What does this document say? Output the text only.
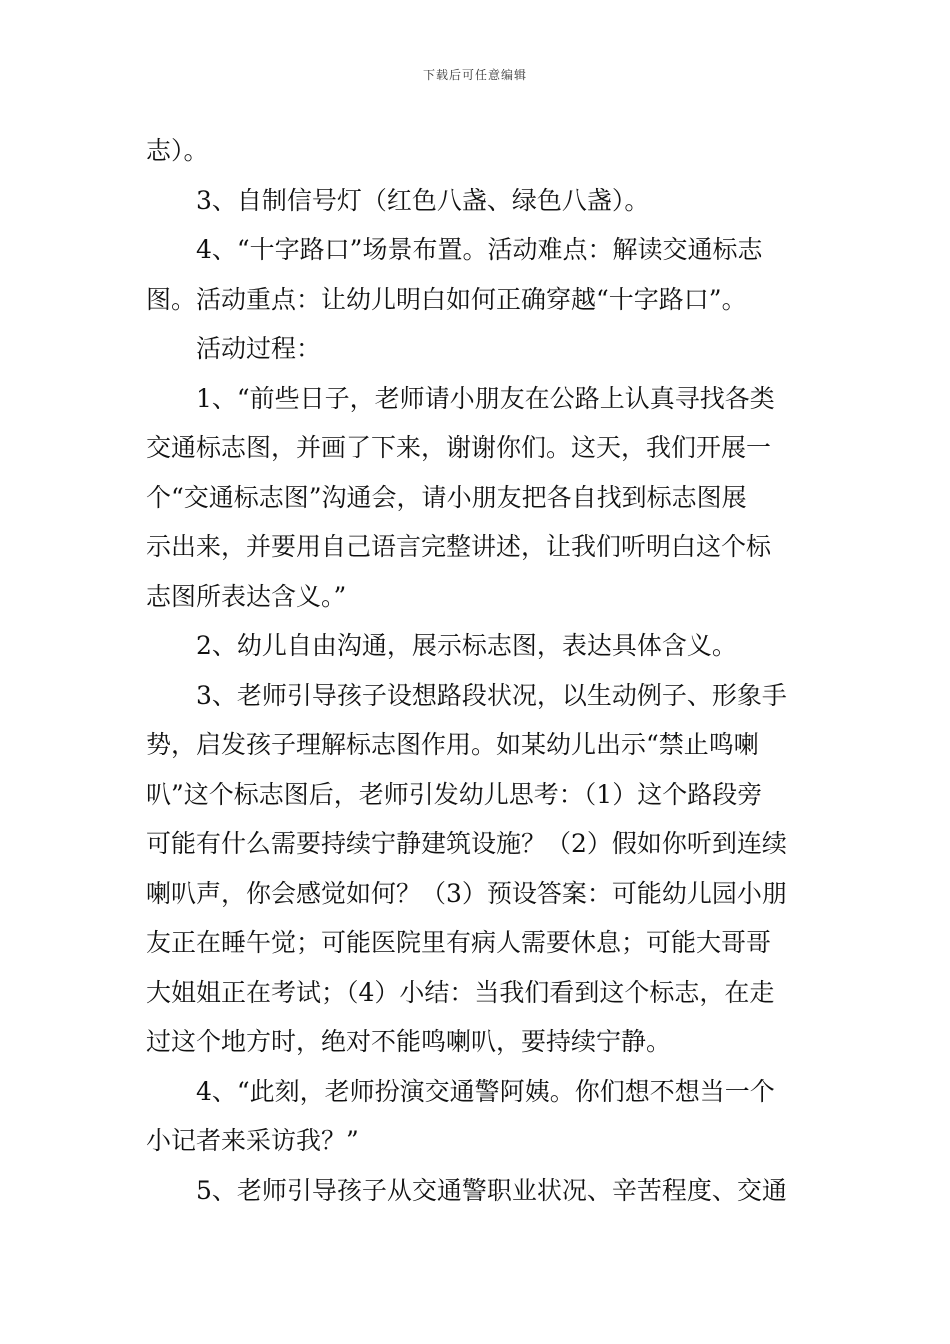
下载后可任意编辑
志）。
3、自制信号灯（红色八盏、绿色八盏）。
4、“十字路口”场景布置。活动难点：解读交通标志
图。活动重点：让幼儿明白如何正确穿越“十字路口”。
活动过程：
1、“前些日子，老师请小朋友在公路上认真寻找各类
交通标志图，并画了下来，谢谢你们。这天，我们开展一
个“交通标志图”沟通会，请小朋友把各自找到标志图展
示出来，并要用自己语言完整讲述，让我们听明白这个标
志图所表达含义。”
2、幼儿自由沟通，展示标志图，表达具体含义。
3、老师引导孩子设想路段状况，以生动例子、形象手
势，启发孩子理解标志图作用。如某幼儿出示“禁止鸣喇
叭”这个标志图后，老师引发幼儿思考：（1）这个路段旁
可能有什么需要持续宁静建筑设施？（2）假如你听到连续
喇叭声，你会感觉如何？（3）预设答案：可能幼儿园小朋
友正在睡午觉；可能医院里有病人需要休息；可能大哥哥
大姐姐正在考试；（4）小结：当我们看到这个标志，在走
过这个地方时，绝对不能鸣喇叭，要持续宁静。
4、“此刻，老师扮演交通警阿姨。你们想不想当一个
小记者来采访我？”
5、老师引导孩子从交通警职业状况、辛苦程度、交通
